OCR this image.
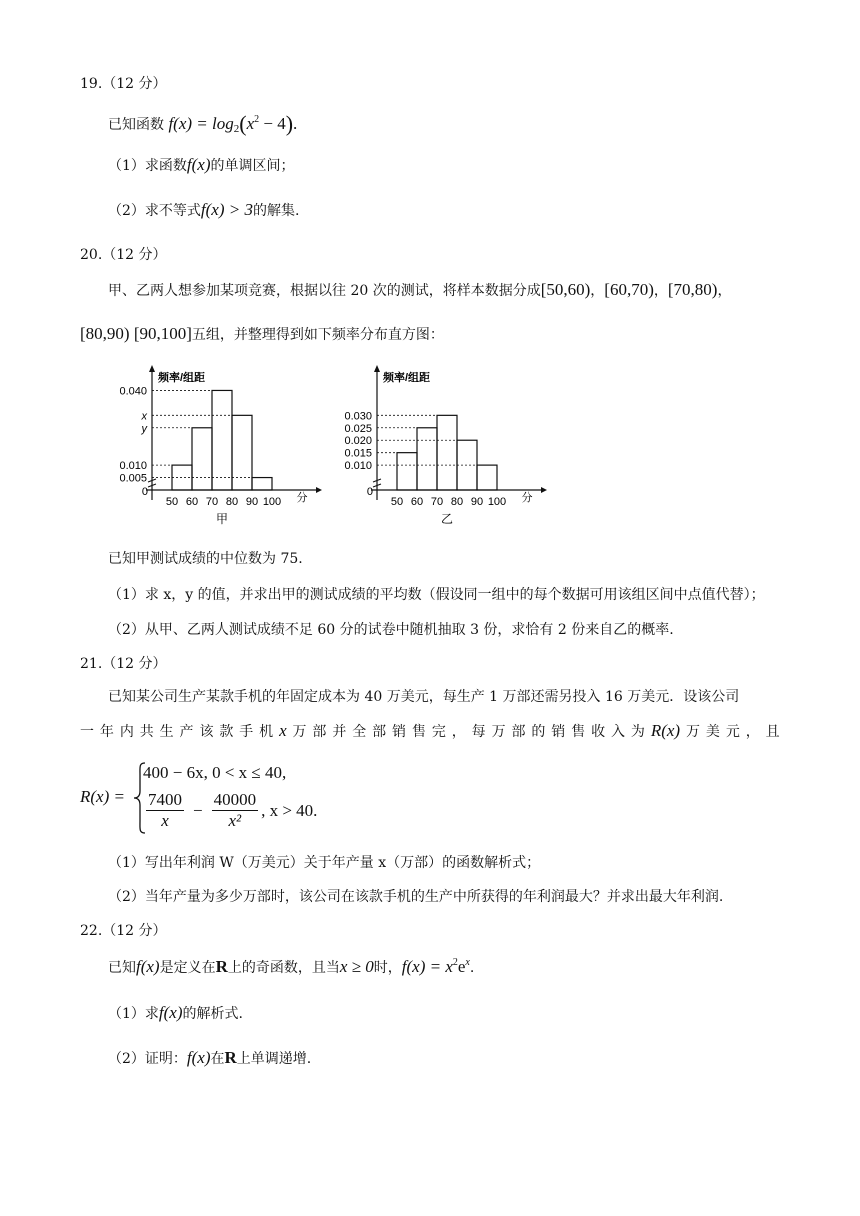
19.（12 分）
已知函数 $f(x) = \log_2(x^2 - 4)$.
（1）求函数f(x)的单调区间；
（2）求不等式f(x) > 3的解集.
20.（12 分）
甲、乙两人想参加某项竞赛，根据以往 20 次的测试，将样本数据分成[50,60)，[60,70)，[70,80)，
[80,90) [90,100]五组，并整理得到如下频率分布直方图：
0.040
x
y
0.010
0.005
50 60 70 80 90 100
0	分
频率/组距
甲
0.030
0.025
0.020
0.015
0.010
50 60 70 80 90 100
0	分
频率/组距
乙
已知甲测试成绩的中位数为 75.
（1）求 x，y 的值，并求出甲的测试成绩的平均数（假设同一组中的每个数据可用该组区间中点值代替）；
（2）从甲、乙两人测试成绩不足 60 分的试卷中随机抽取 3 份，求恰有 2 份来自乙的概率.
21.（12 分）
已知某公司生产某款手机的年固定成本为 40 万美元，每生产 1 万部还需另投入 16 万美元．设该公司
一 年 内 共 生 产 该 款 手 机 x 万 部 并 全 部 销 售 完 ， 每 万 部 的 销 售 收 入 为 R(x) 万 美 元 ， 且
R(x) =
400 − 6x, 0 < x ≤ 40,
$\frac{7400}{x} - \frac{40000}{\text{x²}}$ , x > 40.
（1）写出年利润 W（万美元）关于年产量 x（万部）的函数解析式；
（2）当年产量为多少万部时，该公司在该款手机的生产中所获得的年利润最大？并求出最大年利润.
22.（12 分）
已知f(x)是定义在R上的奇函数，且当x ≥ 0时，$f(x) = x^2e^x$.
（1）求f(x)的解析式.
（2）证明：f(x)在R上单调递增.
